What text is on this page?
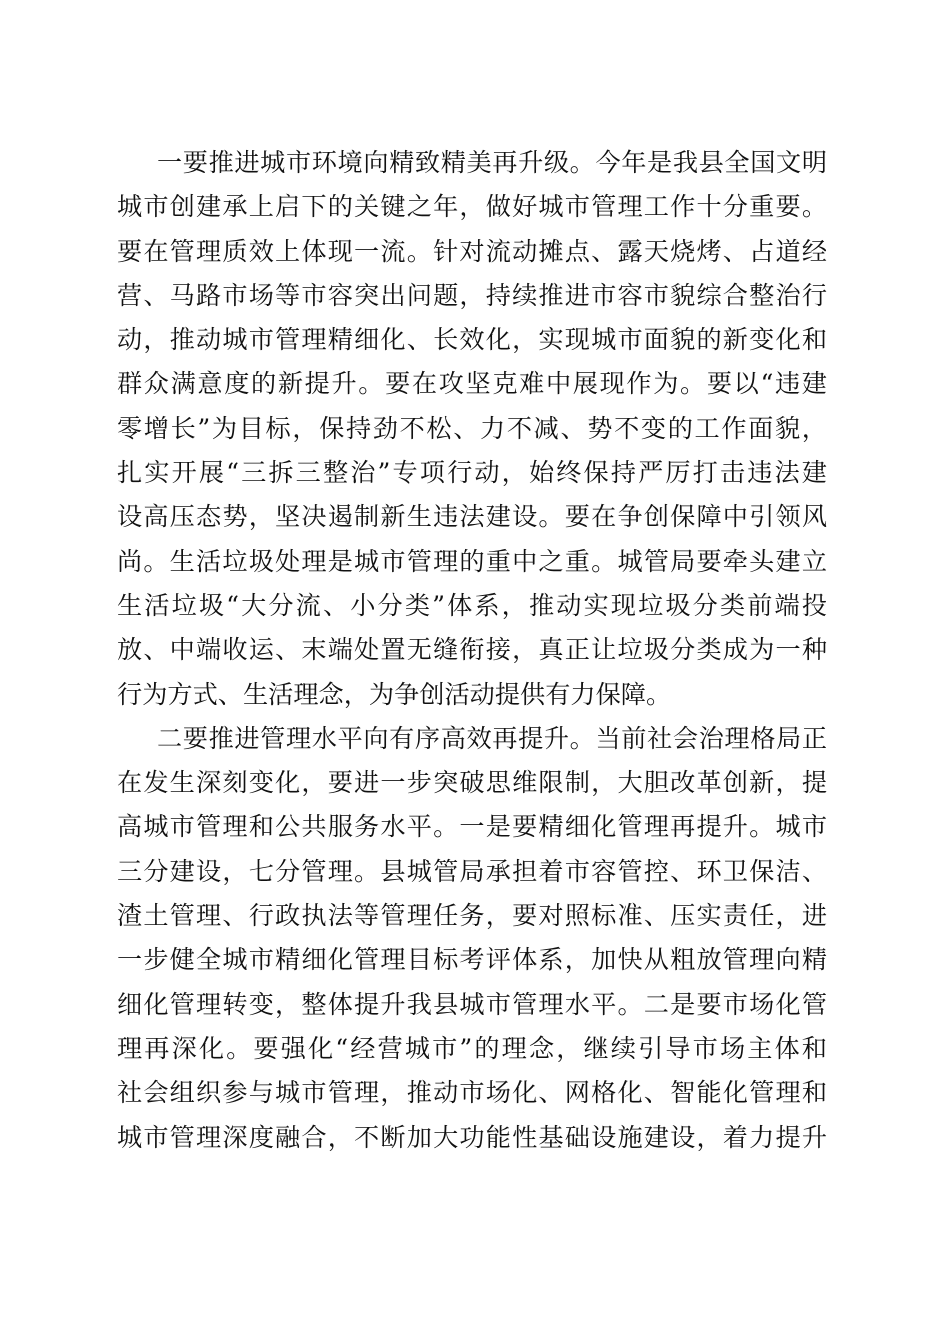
一要推进城市环境向精致精美再升级。今年是我县全国文明
城市创建承上启下的关键之年，做好城市管理工作十分重要。
要在管理质效上体现一流。针对流动摊点、露天烧烤、占道经
营、马路市场等市容突出问题，持续推进市容市貌综合整治行
动，推动城市管理精细化、长效化，实现城市面貌的新变化和
群众满意度的新提升。要在攻坚克难中展现作为。要以“违建
零增长”为目标，保持劲不松、力不减、势不变的工作面貌，
扎实开展“三拆三整治”专项行动，始终保持严厉打击违法建
设高压态势，坚决遏制新生违法建设。要在争创保障中引领风
尚。生活垃圾处理是城市管理的重中之重。城管局要牵头建立
生活垃圾“大分流、小分类”体系，推动实现垃圾分类前端投
放、中端收运、末端处置无缝衔接，真正让垃圾分类成为一种
行为方式、生活理念，为争创活动提供有力保障。
二要推进管理水平向有序高效再提升。当前社会治理格局正
在发生深刻变化，要进一步突破思维限制，大胆改革创新，提
高城市管理和公共服务水平。一是要精细化管理再提升。城市
三分建设，七分管理。县城管局承担着市容管控、环卫保洁、
渣土管理、行政执法等管理任务，要对照标准、压实责任，进
一步健全城市精细化管理目标考评体系，加快从粗放管理向精
细化管理转变，整体提升我县城市管理水平。二是要市场化管
理再深化。要强化“经营城市”的理念，继续引导市场主体和
社会组织参与城市管理，推动市场化、网格化、智能化管理和
城市管理深度融合，不断加大功能性基础设施建设，着力提升
